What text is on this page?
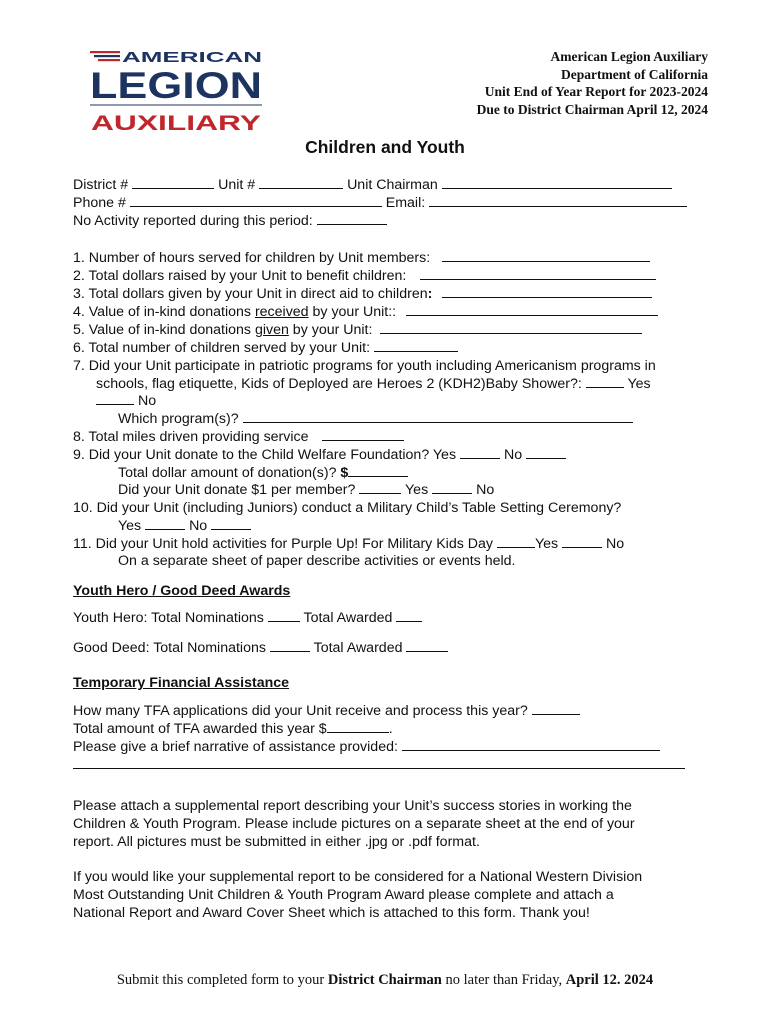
AMERICAN
LEGION
AUXILIARY
American Legion Auxiliary
Department of California
Unit End of Year Report for 2023-2024
Due to District Chairman April 12, 2024
Children and Youth
District #	Unit #	Unit Chairman
Phone #	Email:
No Activity reported during this period:
1. Number of hours served for children by Unit members:
2. Total dollars raised by your Unit to benefit children:
3. Total dollars given by your Unit in direct aid to children:
4. Value of in-kind donations received by your Unit::
5. Value of in-kind donations given by your Unit:
6. Total number of children served by your Unit:
7. Did your Unit participate in patriotic programs for youth including Americanism programs in
schools, flag etiquette, Kids of Deployed are Heroes 2 (KDH2)Baby Shower?:	Yes
No
Which program(s)?
8. Total miles driven providing service
9. Did your Unit donate to the Child Welfare Foundation? Yes	No
Total dollar amount of donation(s)? $
Did your Unit donate $1 per member?	Yes	No
10. Did your Unit (including Juniors) conduct a Military Child’s Table Setting Ceremony?
Yes	No
11. Did your Unit hold activities for Purple Up! For Military Kids Day	Yes	No
On a separate sheet of paper describe activities or events held.
Youth Hero / Good Deed Awards
Youth Hero: Total Nominations	Total Awarded
Good Deed: Total Nominations	Total Awarded
Temporary Financial Assistance
How many TFA applications did your Unit receive and process this year?
Total amount of TFA awarded this year $	.
Please give a brief narrative of assistance provided:
Please attach a supplemental report describing your Unit’s success stories in working the
Children & Youth Program. Please include pictures on a separate sheet at the end of your
report. All pictures must be submitted in either .jpg or .pdf format.
If you would like your supplemental report to be considered for a National Western Division
Most Outstanding Unit Children & Youth Program Award please complete and attach a
National Report and Award Cover Sheet which is attached to this form. Thank you!
Submit this completed form to your District Chairman no later than Friday, April 12. 2024
